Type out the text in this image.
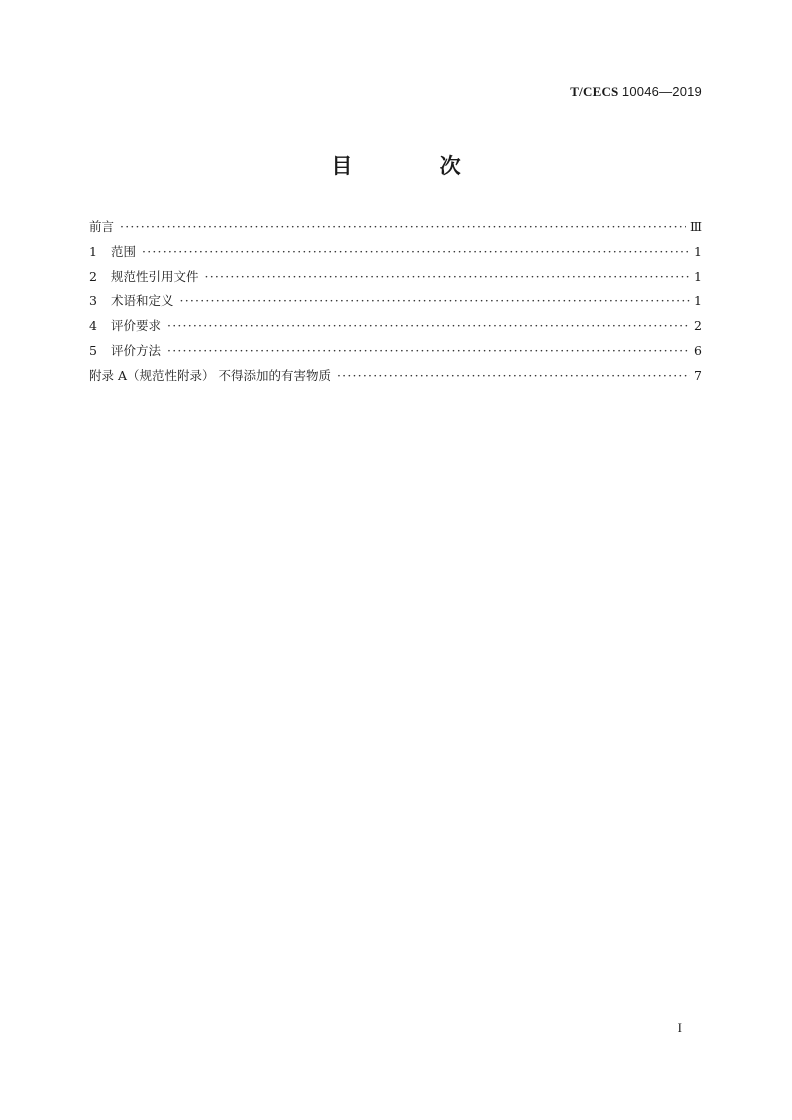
T/CECS 10046—2019
目 次
前言 ·····	Ⅲ
1	范围 ·····	1
2	规范性引用文件 ·····	1
3	术语和定义 ·····	1
4	评价要求 ·····	2
5	评价方法 ·····	6
附录 A（规范性附录） 不得添加的有害物质 ·····	7
I
